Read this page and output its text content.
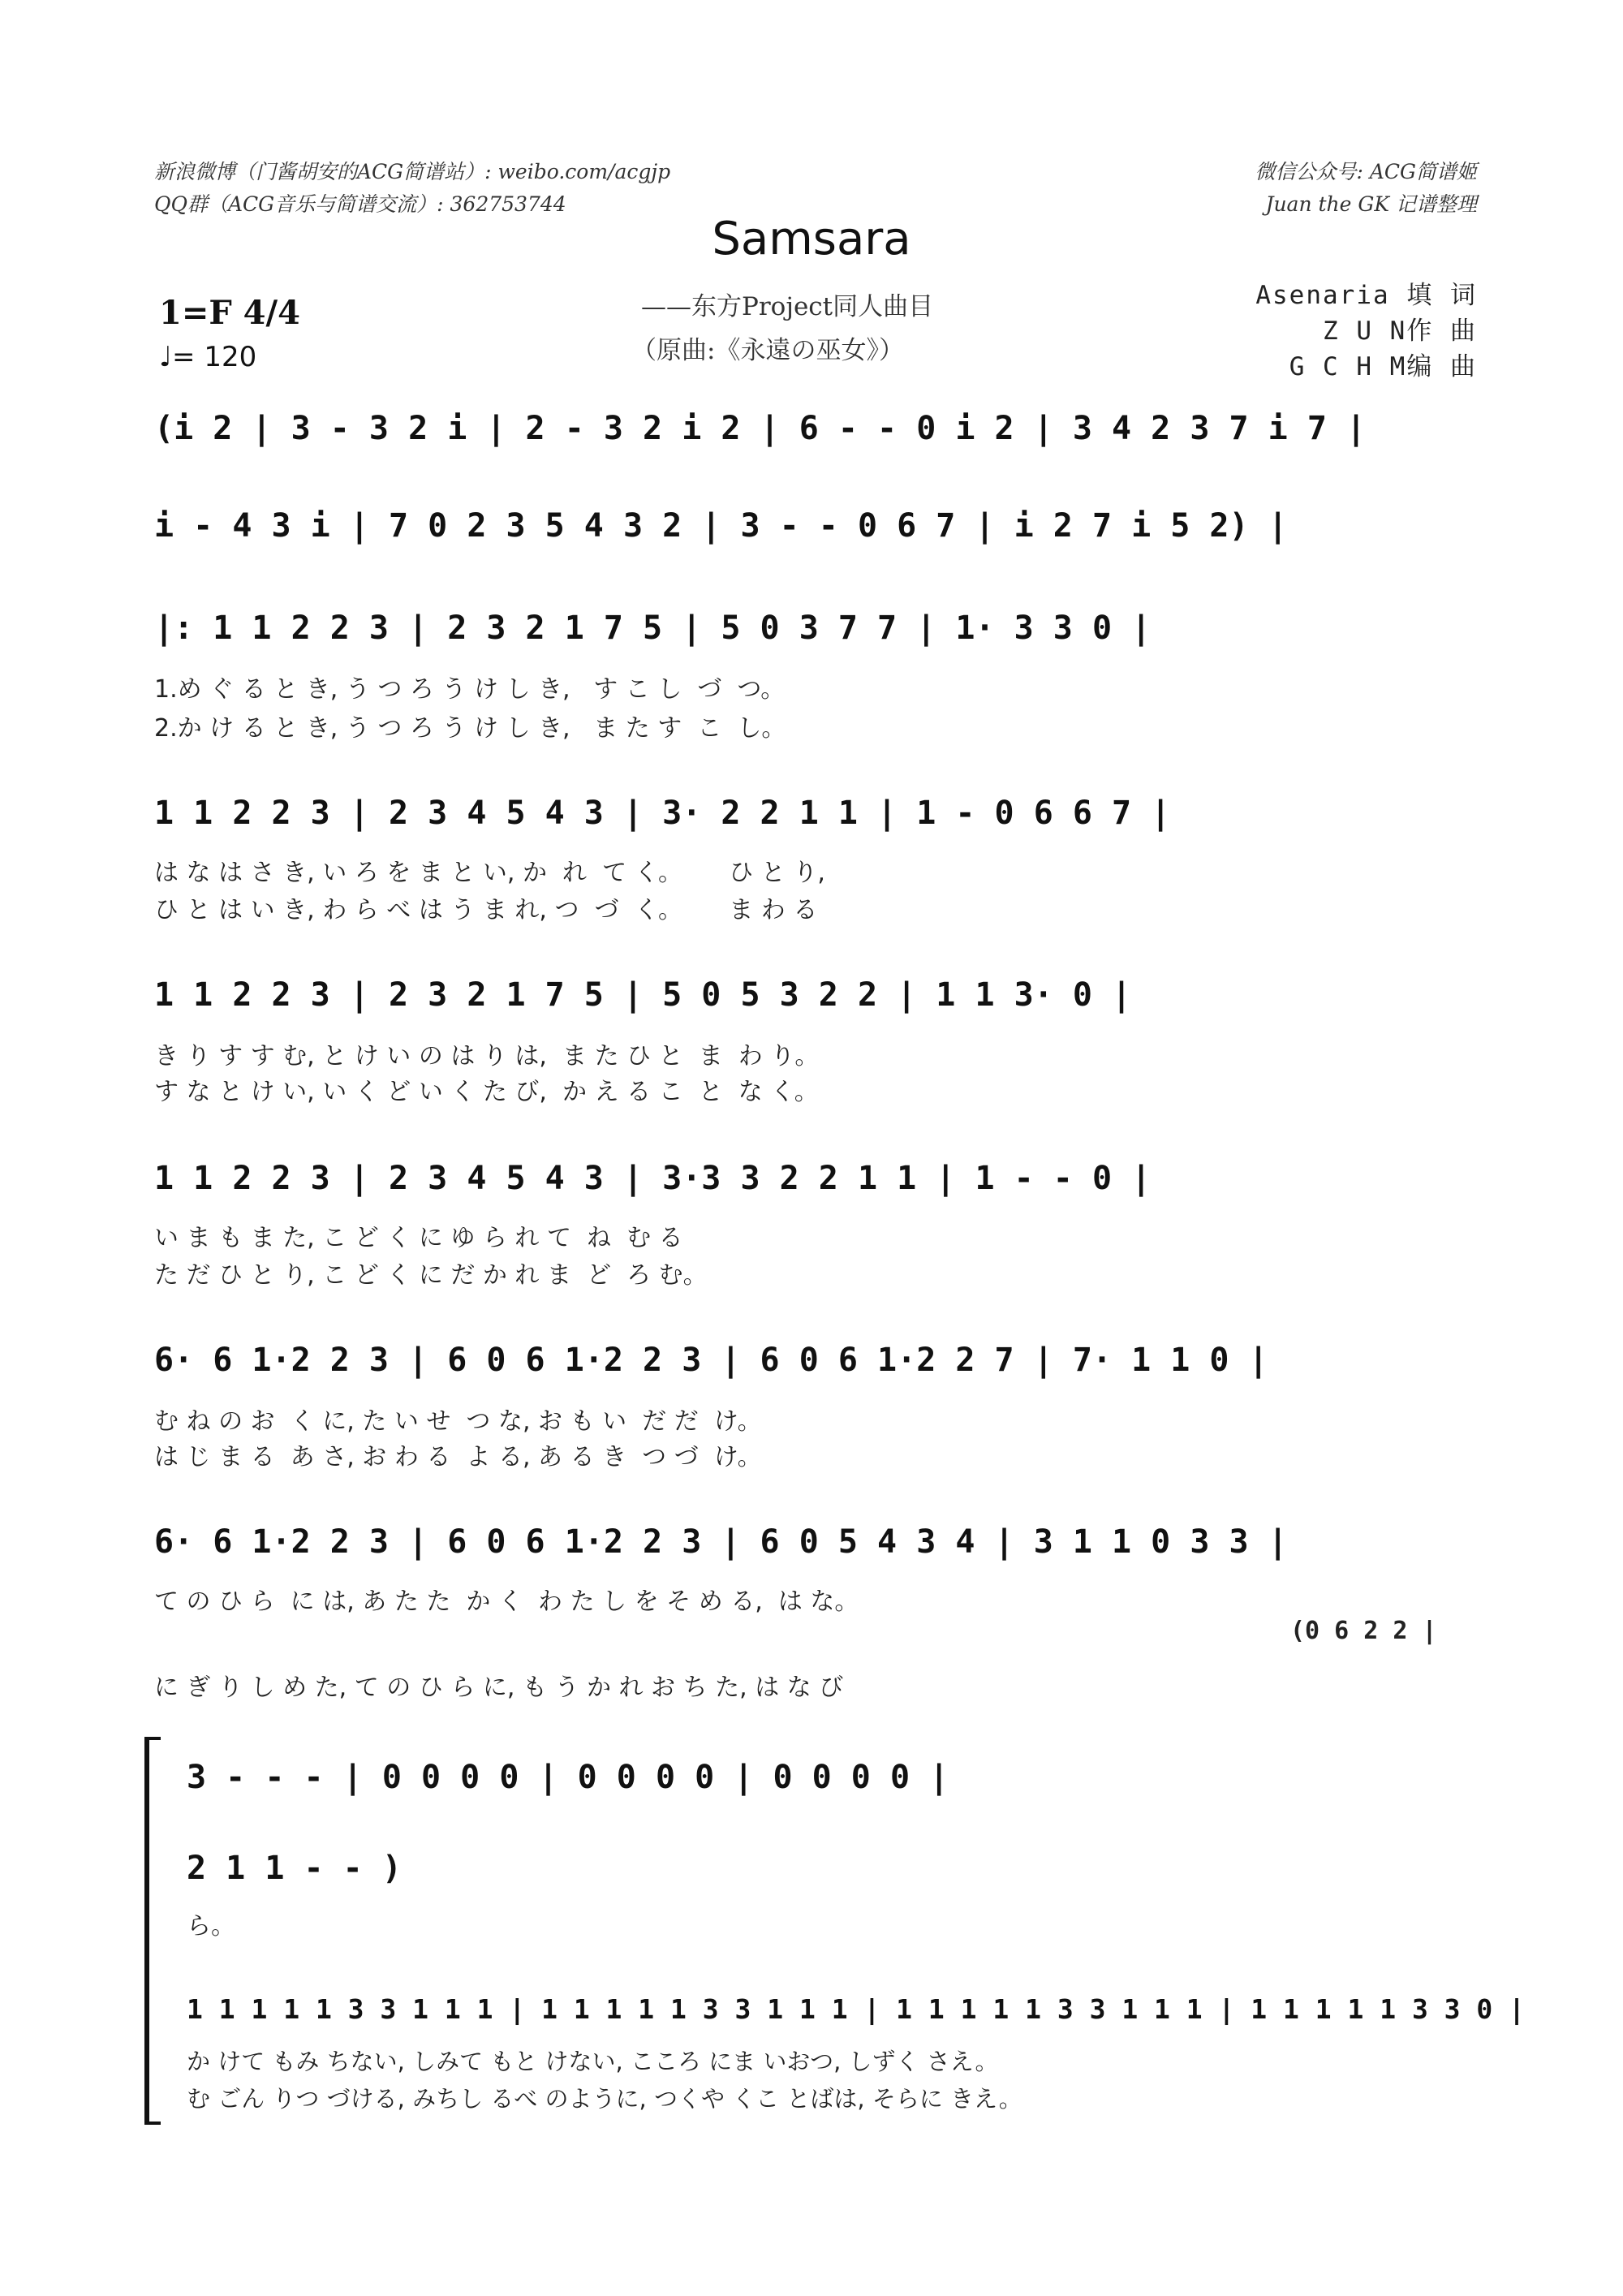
新浪微博（门酱胡安的ACG简谱站）: weibo.com/acgjp
QQ群（ACG音乐与简谱交流）: 362753744
微信公众号: ACG简谱姬
Juan the GK 记谱整理
Samsara
——东方Project同人曲目
（原曲:《永遠の巫女》）
Asenaria 填 词
Z U N作 曲
G C H M编 曲
1=F 4/4
♩= 120
(i 2 | 3 - 3 2 i | 2 - 3 2 i 2 | 6 - - 0 i 2 | 3 4 2 3 7 i 7 |
i - 4 3 i | 7 0 2 3 5 4 3 2 | 3 - - 0 6 7 | i 2 7 i 5 2) |
|: 1 1 2 2 3 | 2 3 2 1 7 5 | 5 0 3 7 7 | 1· 3 3 0 |
1.め ぐ る と き, う つ ろ う け し き,   す こ し  づ  つ。
2.か け る と き, う つ ろ う け し き,   ま た す  こ  し。
1 1 2 2 3 | 2 3 4 5 4 3 | 3· 2 2 1 1 | 1 - 0 6 6 7 |
は な は さ き, い ろ を ま と い, か  れ  て く。      ひ と り,
ひ と は い き, わ ら べ は う ま れ, つ  づ  く。      ま わ る
1 1 2 2 3 | 2 3 2 1 7 5 | 5 0 5 3 2 2 | 1 1 3· 0 |
き り す す む, と け い の は り は,  ま た ひ と  ま  わ り。
す な と け い, い く ど い く た び,  か え る こ  と  な く。
1 1 2 2 3 | 2 3 4 5 4 3 | 3·3 3 2 2 1 1 | 1 - - 0 |
い ま も ま た, こ ど く に ゆ ら れ て  ね  む る
た だ ひ と り, こ ど く に だ か れ ま  ど  ろ む。
6· 6 1·2 2 3 | 6 0 6 1·2 2 3 | 6 0 6 1·2 2 7 | 7· 1 1 0 |
む ね の お  く に, た い せ  つ な, お も い  だ だ  け。
は じ ま る  あ さ, お わ る  よ る, あ る き  つ づ  け。
6· 6 1·2 2 3 | 6 0 6 1·2 2 3 | 6 0 5 4 3 4 | 3 1 1 0 3 3 |
て の ひ ら  に は, あ た た  か く  わ た し を そ め る,  は な。
(0 6 2 2 |
に ぎ り し め た, て の ひ ら に, も う か れ お ち た, は な び
3 - - - | 0 0 0 0 | 0 0 0 0 | 0 0 0 0 |
2 1 1 - - )
ら。
1 1 1 1 1 3 3 1 1 1 | 1 1 1 1 1 3 3 1 1 1 | 1 1 1 1 1 3 3 1 1 1 | 1 1 1 1 1 3 3 0 |
か けて もみ ちない, しみて もと けない, こころ にま いおつ, しずく さえ。
む ごん りつ づける, みちし るべ のように, つくや くこ とばは, そらに きえ。
